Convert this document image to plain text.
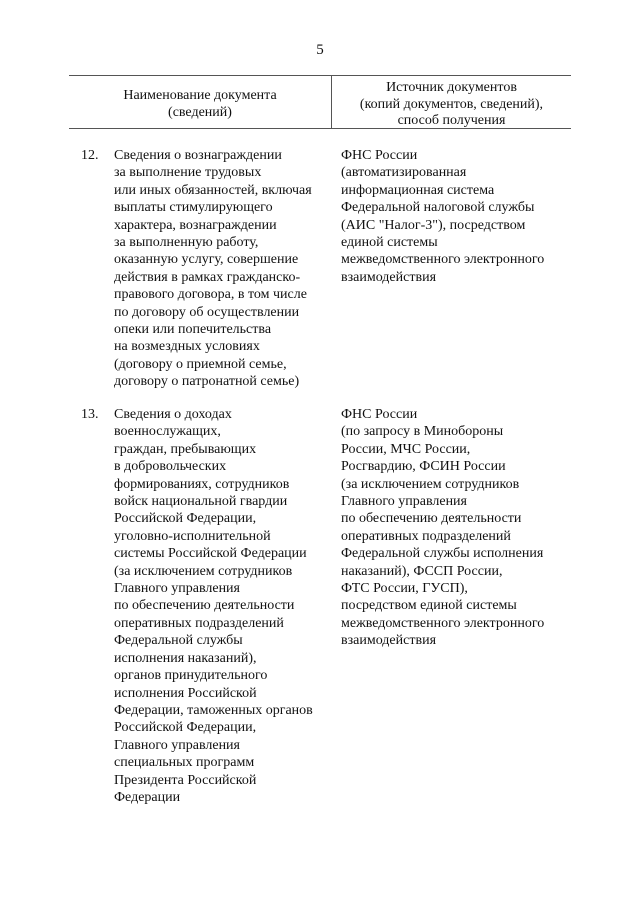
5
Наименование документа
(сведений)
Источник документов
(копий документов, сведений),
способ получения
12. Сведения о вознаграждении
за выполнение трудовых
или иных обязанностей, включая
выплаты стимулирующего
характера, вознаграждении
за выполненную работу,
оказанную услугу, совершение
действия в рамках гражданско-
правового договора, в том числе
по договору об осуществлении
опеки или попечительства
на возмездных условиях
(договору о приемной семье,
договору о патронатной семье)
ФНС России
(автоматизированная
информационная система
Федеральной налоговой службы
(АИС "Налог-3"), посредством
единой системы
межведомственного электронного
взаимодействия
13. Сведения о доходах
военнослужащих,
граждан, пребывающих
в добровольческих
формированиях, сотрудников
войск национальной гвардии
Российской Федерации,
уголовно-исполнительной
системы Российской Федерации
(за исключением сотрудников
Главного управления
по обеспечению деятельности
оперативных подразделений
Федеральной службы
исполнения наказаний),
органов принудительного
исполнения Российской
Федерации, таможенных органов
Российской Федерации,
Главного управления
специальных программ
Президента Российской
Федерации
ФНС России
(по запросу в Минобороны
России, МЧС России,
Росгвардию, ФСИН России
(за исключением сотрудников
Главного управления
по обеспечению деятельности
оперативных подразделений
Федеральной службы исполнения
наказаний), ФССП России,
ФТС России, ГУСП),
посредством единой системы
межведомственного электронного
взаимодействия
